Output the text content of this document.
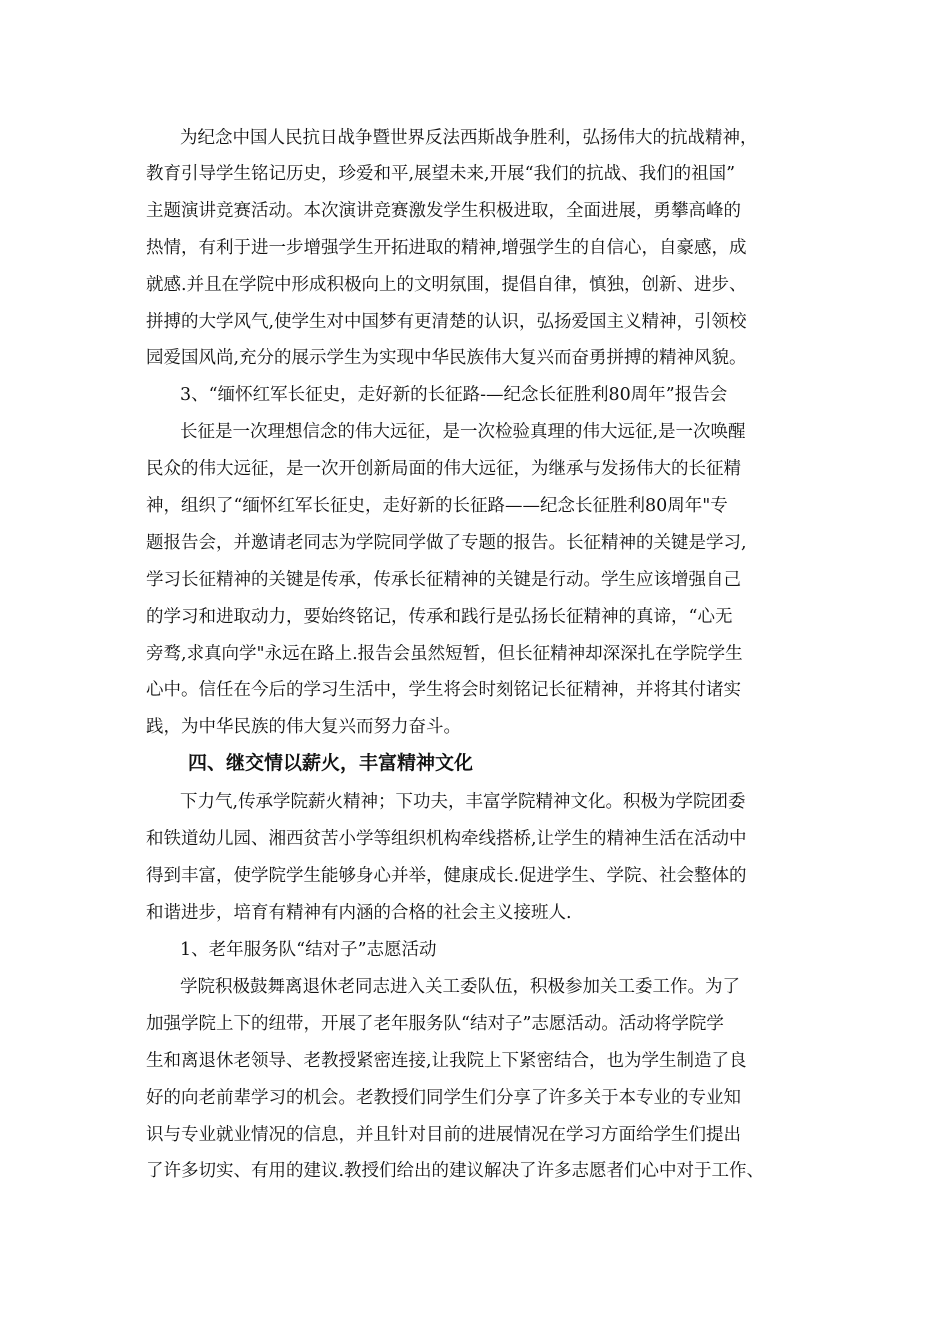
为纪念中国人民抗日战争暨世界反法西斯战争胜利，弘扬伟大的抗战精神，
教育引导学生铭记历史，珍爱和平,展望未来,开展“我们的抗战、我们的祖国”
主题演讲竞赛活动。本次演讲竞赛激发学生积极进取，全面进展，勇攀高峰的
热情，有利于进一步增强学生开拓进取的精神,增强学生的自信心，自豪感，成
就感.并且在学院中形成积极向上的文明氛围，提倡自律，慎独，创新、进步、
拼搏的大学风气,使学生对中国梦有更清楚的认识，弘扬爱国主义精神，引领校
园爱国风尚,充分的展示学生为实现中华民族伟大复兴而奋勇拼搏的精神风貌。
3、“缅怀红军长征史，走好新的长征路-—纪念长征胜利80周年”报告会
长征是一次理想信念的伟大远征，是一次检验真理的伟大远征,是一次唤醒
民众的伟大远征，是一次开创新局面的伟大远征，为继承与发扬伟大的长征精
神，组织了“缅怀红军长征史，走好新的长征路——纪念长征胜利80周年"专
题报告会，并邀请老同志为学院同学做了专题的报告。长征精神的关键是学习,
学习长征精神的关键是传承，传承长征精神的关键是行动。学生应该增强自己
的学习和进取动力，要始终铭记，传承和践行是弘扬长征精神的真谛，“心无
旁骛,求真向学"永远在路上.报告会虽然短暂，但长征精神却深深扎在学院学生
心中。信任在今后的学习生活中，学生将会时刻铭记长征精神，并将其付诸实
践，为中华民族的伟大复兴而努力奋斗。
四、继交情以薪火，丰富精神文化
下力气,传承学院薪火精神；下功夫，丰富学院精神文化。积极为学院团委
和铁道幼儿园、湘西贫苦小学等组织机构牵线搭桥,让学生的精神生活在活动中
得到丰富，使学院学生能够身心并举，健康成长.促进学生、学院、社会整体的
和谐进步，培育有精神有内涵的合格的社会主义接班人.
1、老年服务队“结对子”志愿活动
学院积极鼓舞离退休老同志进入关工委队伍，积极参加关工委工作。为了
加强学院上下的纽带，开展了老年服务队“结对子”志愿活动。活动将学院学
生和离退休老领导、老教授紧密连接,让我院上下紧密结合，也为学生制造了良
好的向老前辈学习的机会。老教授们同学生们分享了许多关于本专业的专业知
识与专业就业情况的信息，并且针对目前的进展情况在学习方面给学生们提出
了许多切实、有用的建议.教授们给出的建议解决了许多志愿者们心中对于工作、
